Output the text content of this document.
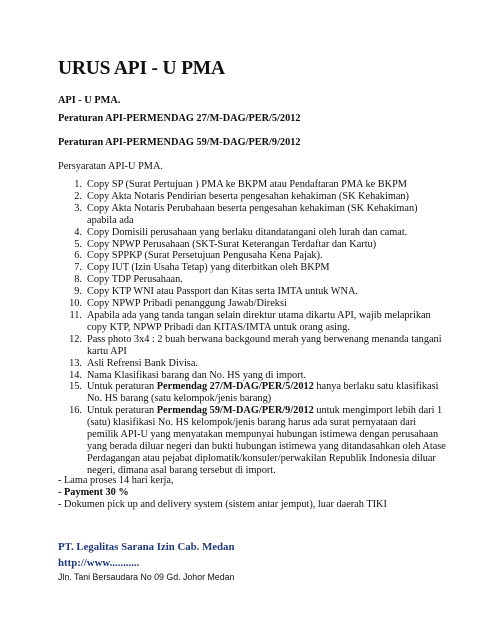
URUS API - U PMA

API - U PMA.

Peraturan API-PERMENDAG 27/M-DAG/PER/5/2012

Peraturan API-PERMENDAG 59/M-DAG/PER/9/2012

Persyaratan API-U PMA.

1. Copy SP (Surat Pertujuan ) PMA ke BKPM atau Pendaftaran PMA ke BKPM
2. Copy Akta Notaris Pendirian beserta pengesahan kehakiman (SK Kehakiman)
3. Copy Akta Notaris Perubahaan beserta pengesahan kehakiman (SK Kehakiman) apabila ada
4. Copy Domisili perusahaan yang berlaku ditandatangani oleh lurah dan camat.
5. Copy NPWP Perusahaan (SKT-Surat Keterangan Terdaftar dan Kartu)
6. Copy SPPKP (Surat Persetujuan Pengusaha Kena Pajak).
7. Copy IUT (Izin Usaha Tetap) yang diterbitkan oleh BKPM
8. Copy TDP Perusahaan.
9. Copy KTP WNI atau Passport dan Kitas serta IMTA untuk WNA.
10. Copy NPWP Pribadi penanggung Jawab/Direksi
11. Apabila ada yang tanda tangan selain direktur utama dikartu API, wajib melaprikan copy KTP, NPWP Pribadi dan KITAS/IMTA untuk orang asing.
12. Pass photo 3x4 : 2 buah berwana backgound merah yang berwenang menanda tangani kartu API
13. Asli Refrensi Bank Divisa.
14. Nama Klasifikasi barang dan No. HS yang di import.
15. Untuk peraturan Permendag 27/M-DAG/PER/5/2012 hanya berlaku satu klasifikasi No. HS barang (satu kelompok/jenis barang)
16. Untuk peraturan Permendag 59/M-DAG/PER/9/2012 untuk mengimport lebih dari 1 (satu) klasifikasi No. HS kelompok/jenis barang harus ada surat pernyataan dari pemilik API-U yang menyatakan mempunyai hubungan istimewa dengan perusahaan yang berada diluar negeri dan bukti hubungan istimewa yang ditandasahkan oleh Atase Perdagangan atau pejabat diplomatik/konsuler/perwakilan Republik Indonesia diluar negeri, dimana asal barang tersebut di import.

- Lama proses 14 hari kerja,

- Payment 30 %

- Dokumen pick up and delivery system (sistem antar jemput), luar daerah TIKI

PT. Legalitas Sarana Izin Cab. Medan

http://www...........

Jln. Tani Bersaudara No 09 Gd. Johor Medan
